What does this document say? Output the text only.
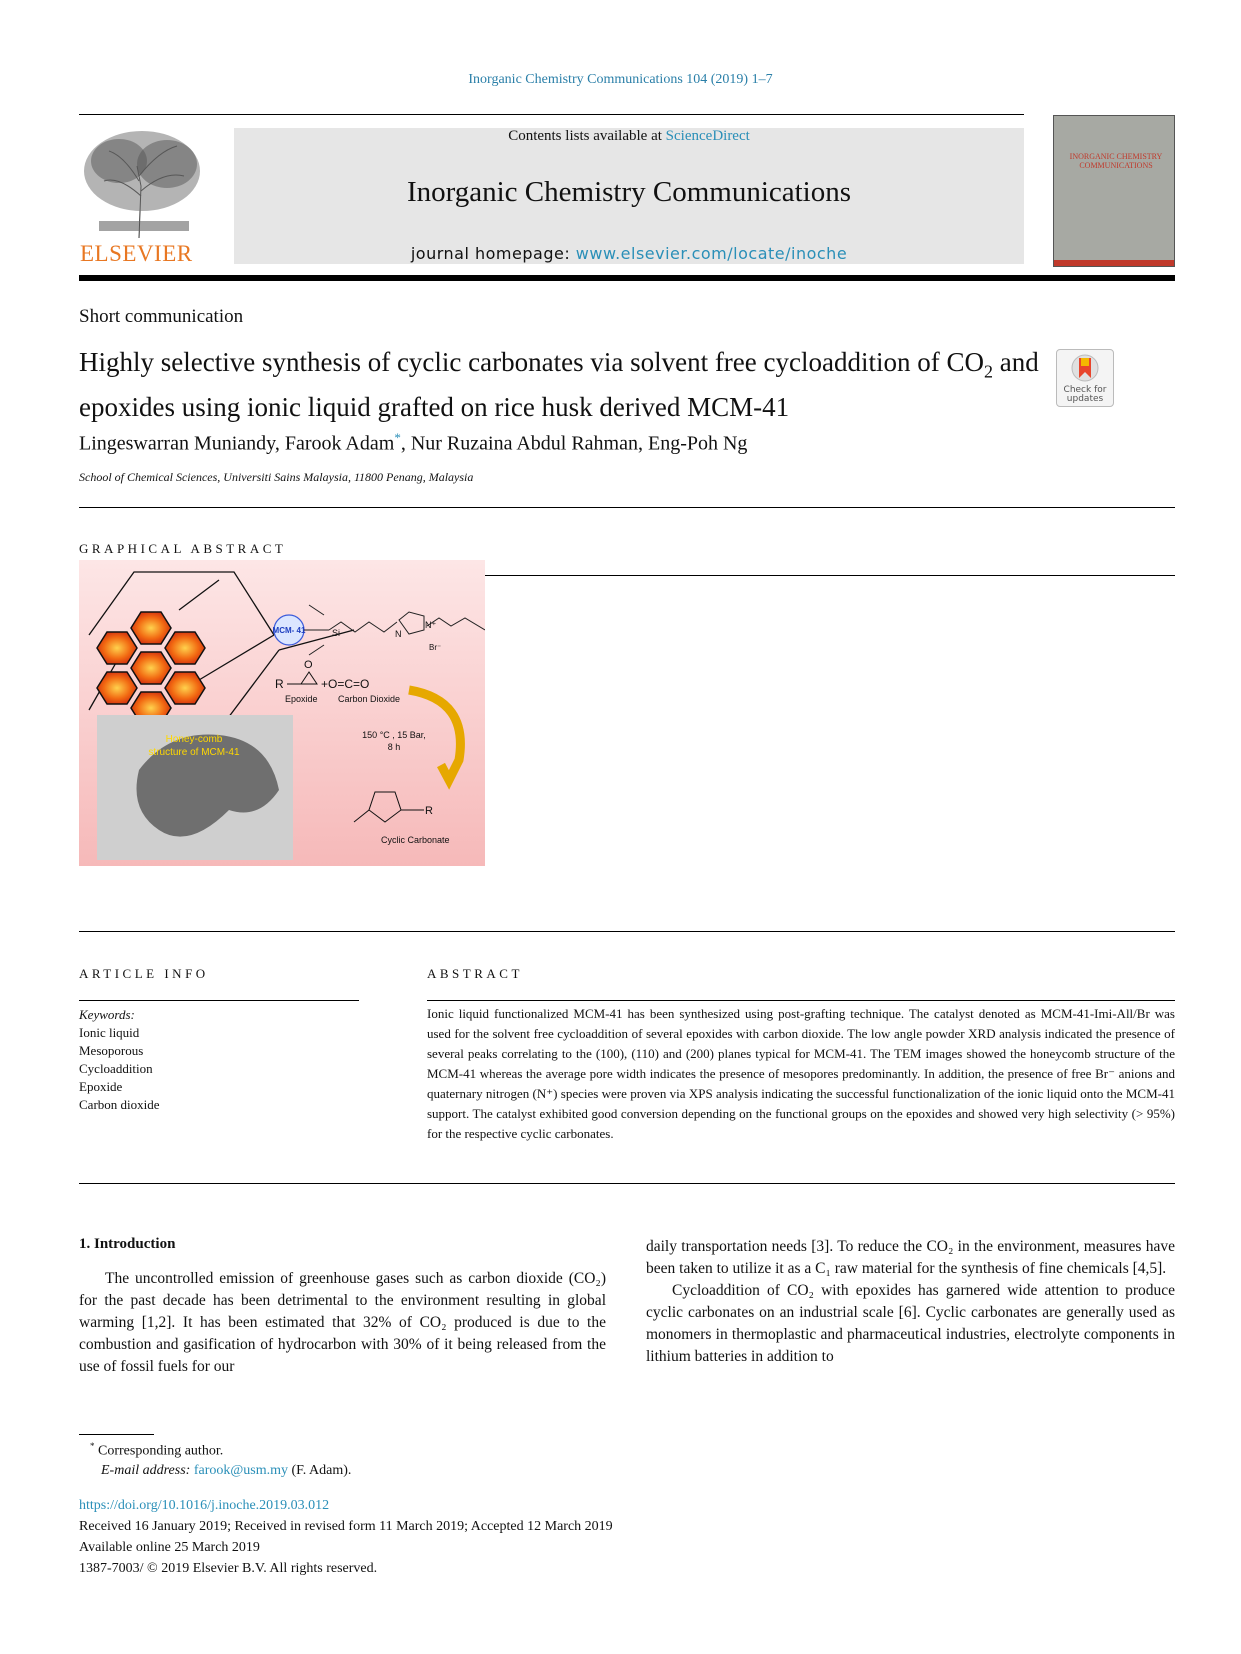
Inorganic Chemistry Communications 104 (2019) 1–7
ELSEVIER
Contents lists available at ScienceDirect
Inorganic Chemistry Communications
journal homepage: www.elsevier.com/locate/inoche
INORGANIC CHEMISTRY COMMUNICATIONS
Short communication
Highly selective synthesis of cyclic carbonates via solvent free cycloaddition of $CO_2$ and epoxides using ionic liquid grafted on rice husk derived MCM-41
Check for updates
Lingeswarran Muniandy, Farook Adam*, Nur Ruzaina Abdul Rahman, Eng-Poh Ng
School of Chemical Sciences, Universiti Sains Malaysia, 11800 Penang, Malaysia
GRAPHICAL ABSTRACT
Honey-comb
structure of MCM-41
MCM- 41	Si	N
N⁺
Br⁻
R
O
+O=C=O
Epoxide Carbon Dioxide
150 °C , 15 Bar,
8 h
R
Cyclic Carbonate
ARTICLE INFO
Keywords:
Ionic liquid
Mesoporous
Cycloaddition
Epoxide
Carbon dioxide
ABSTRACT
Ionic liquid functionalized MCM-41 has been synthesized using post-grafting technique. The catalyst denoted as MCM-41-Imi-All/Br was used for the solvent free cycloaddition of several epoxides with carbon dioxide. The low angle powder XRD analysis indicated the presence of several peaks correlating to the (100), (110) and (200) planes typical for MCM-41. The TEM images showed the honeycomb structure of the MCM-41 whereas the average pore width indicates the presence of mesopores predominantly. In addition, the presence of free Br⁻ anions and quaternary nitrogen (N⁺) species were proven via XPS analysis indicating the successful functionalization of the ionic liquid onto the MCM-41 support. The catalyst exhibited good conversion depending on the functional groups on the epoxides and showed very high selectivity (> 95%) for the respective cyclic carbonates.
1. Introduction

The uncontrolled emission of greenhouse gases such as carbon dioxide (CO₂) for the past decade has been detrimental to the environment resulting in global warming [1,2]. It has been estimated that 32% of CO₂ produced is due to the combustion and gasification of hydrocarbon with 30% of it being released from the use of fossil fuels for our

daily transportation needs [3]. To reduce the CO₂ in the environment, measures have been taken to utilize it as a C₁ raw material for the synthesis of fine chemicals [4,5].

Cycloaddition of CO₂ with epoxides has garnered wide attention to produce cyclic carbonates on an industrial scale [6]. Cyclic carbonates are generally used as monomers in thermoplastic and pharmaceutical industries, electrolyte components in lithium batteries in addition to

* Corresponding author.
E-mail address: farook@usm.my (F. Adam).
https://doi.org/10.1016/j.inoche.2019.03.012
Received 16 January 2019; Received in revised form 11 March 2019; Accepted 12 March 2019
Available online 25 March 2019
1387-7003/ © 2019 Elsevier B.V. All rights reserved.
